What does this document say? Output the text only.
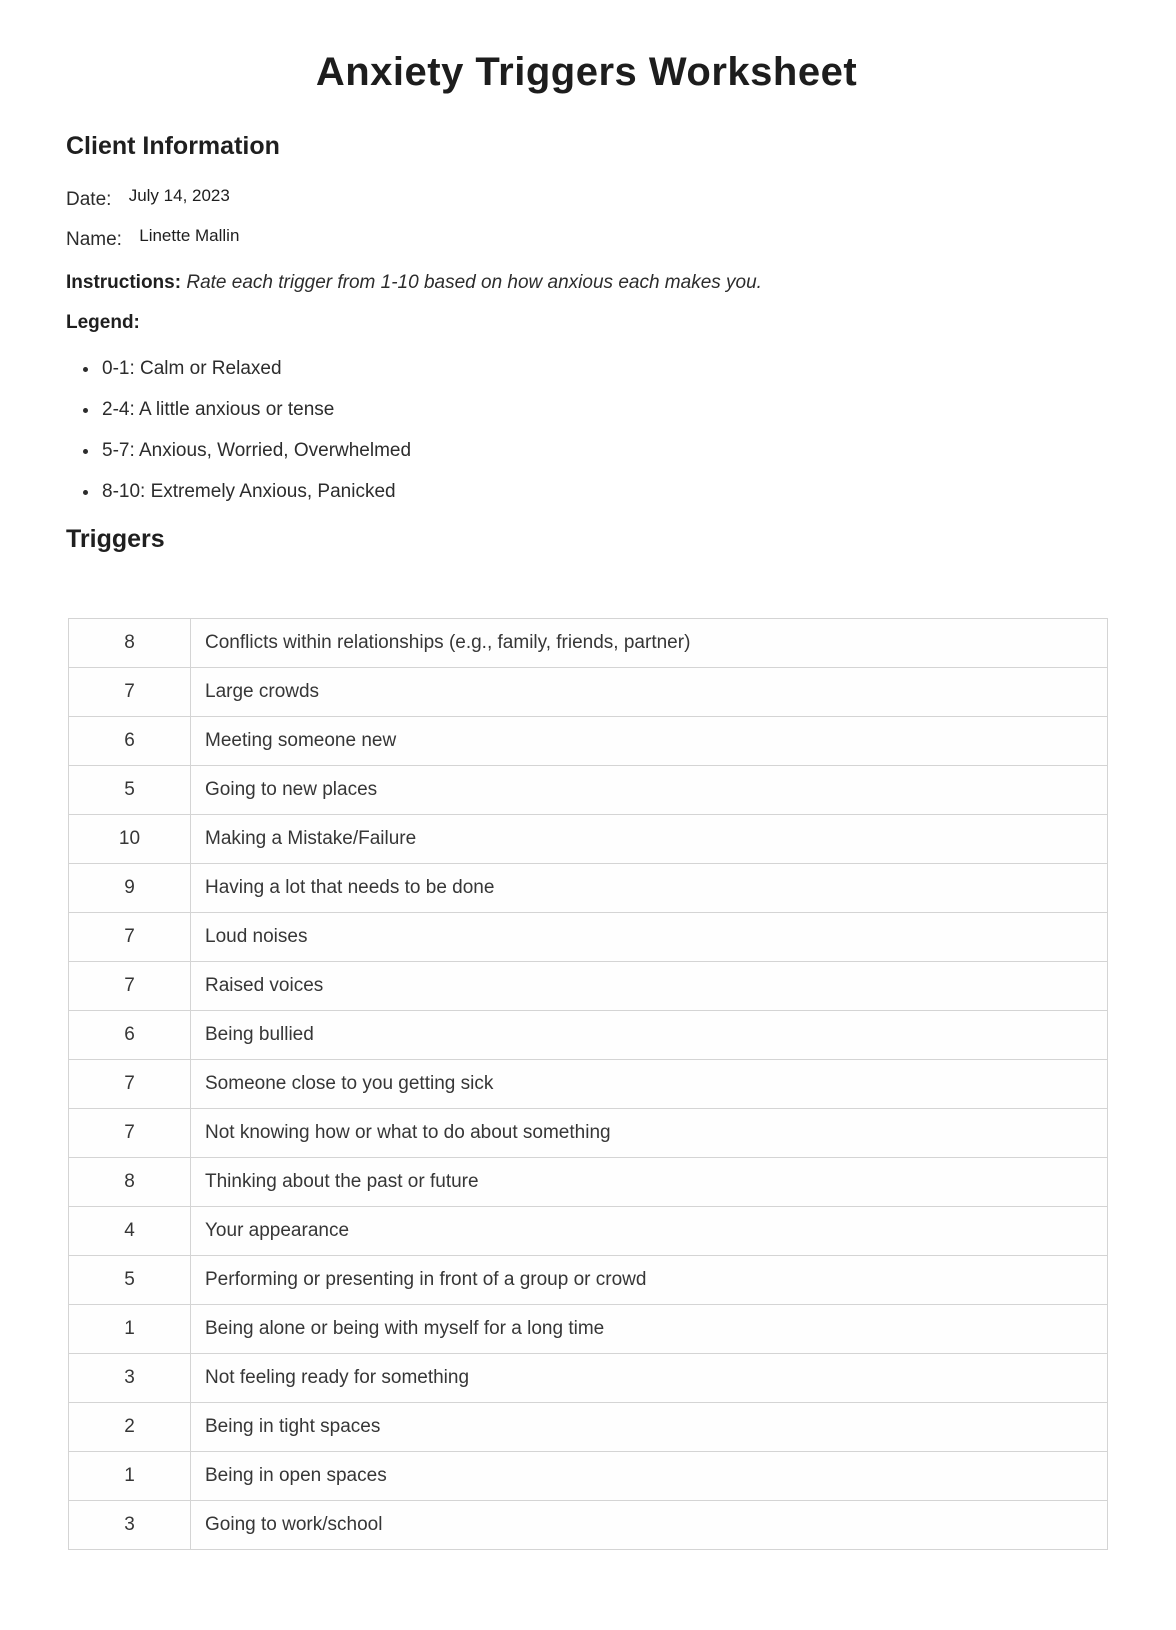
Anxiety Triggers Worksheet
Client Information
Date: July 14, 2023
Name: Linette Mallin

Instructions: Rate each trigger from 1-10 based on how anxious each makes you.

Legend:

• 0-1: Calm or Relaxed
• 2-4: A little anxious or tense
• 5-7: Anxious, Worried, Overwhelmed
• 8-10: Extremely Anxious, Panicked
Triggers
8	Conflicts within relationships (e.g., family, friends, partner)
7	Large crowds
6	Meeting someone new
5	Going to new places
10	Making a Mistake/Failure
9	Having a lot that needs to be done
7	Loud noises
7	Raised voices
6	Being bullied
7	Someone close to you getting sick
7	Not knowing how or what to do about something
8	Thinking about the past or future
4	Your appearance
5	Performing or presenting in front of a group or crowd
1	Being alone or being with myself for a long time
3	Not feeling ready for something
2	Being in tight spaces
1	Being in open spaces
3	Going to work/school
